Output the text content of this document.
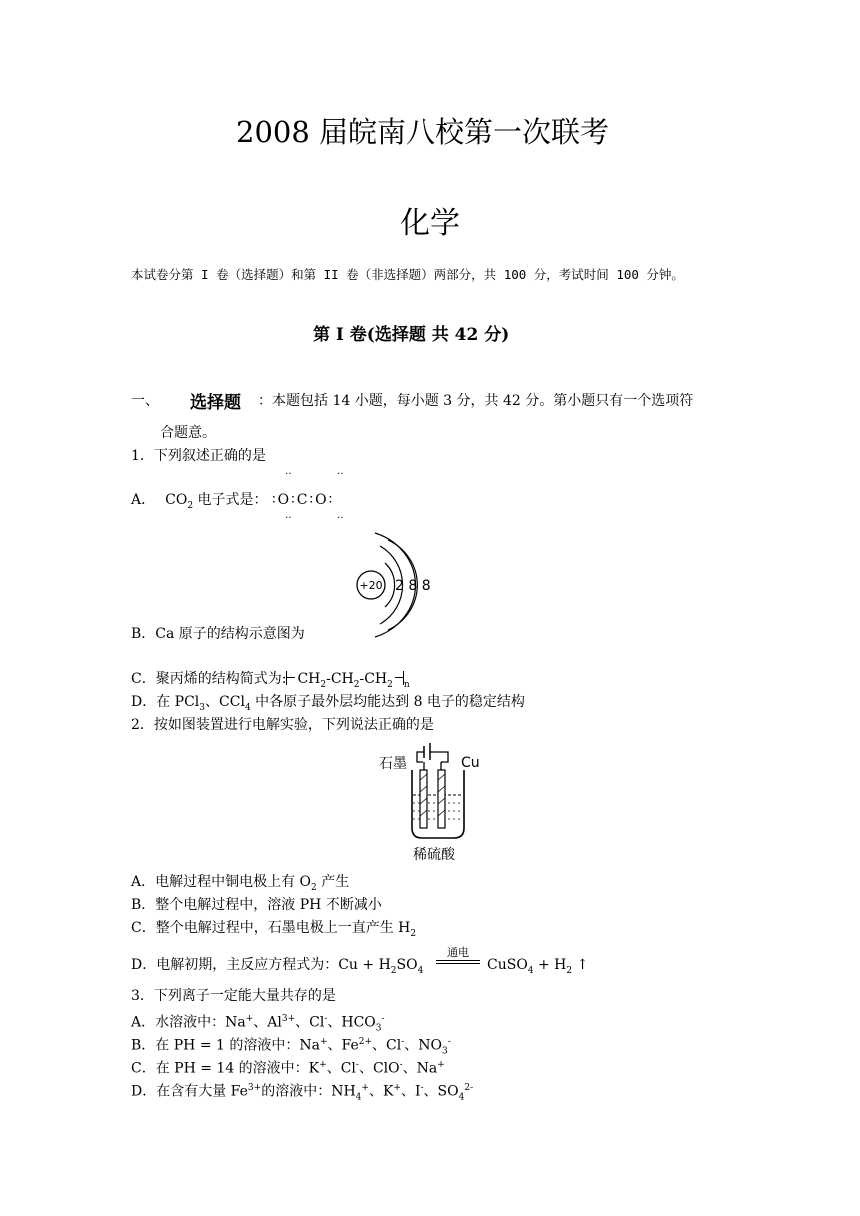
2008 届皖南八校第一次联考
化学
本试卷分第 I 卷（选择题）和第 II 卷（非选择题）两部分，共 100 分，考试时间 100 分钟。
第 I 卷(选择题 共 42 分)
一、 选择题 ：本题包括 14 小题，每小题 3 分，共 42 分。第小题只有一个选项符
合题意。
1．下列叙述正确的是
‥	‥
A． $CO_2$ 电子式是： ∶O∶C∶O∶
‥	‥
+20 2 8 8
B．Ca 原子的结构示意图为
C．聚丙烯的结构简式为: $CH_2-CH_2-CH_2$ $_n$
D．在 PCl$_3$、CCl$_4$ 中各原子最外层均能达到 8 电子的稳定结构
2．按如图装置进行电解实验，下列说法正确的是
石墨	Cu
稀硫酸
A．电解过程中铜电极上有 $O_2$ 产生
B．整个电解过程中，溶液 PH 不断减小
C．整个电解过程中，石墨电极上一直产生 $H_2$
D．电解初期，主反应方程式为：$Cu + H_2SO_4$
通电
CuSO$_4$ + $H_2$ ↑
3．下列离子一定能大量共存的是
A．水溶液中：Na+、$Al^{3+}$、Cl-、$HCO_3^-$
B．在 PH = 1 的溶液中：Na+、$Fe^{2+}$、Cl-、$NO_3^-$
C．在 PH = 14 的溶液中：K+、Cl-、ClO-、Na+
D．在含有大量 $Fe^{3+}$的溶液中：$NH_4^+$、K+、I-、$SO_4^{2-}$
